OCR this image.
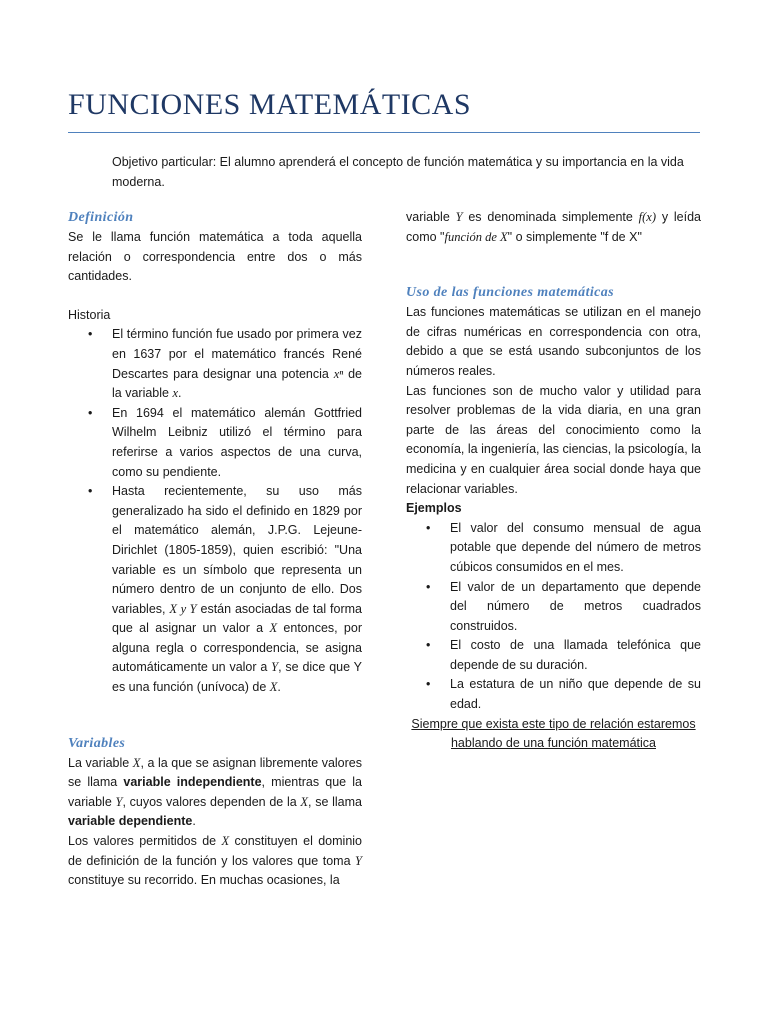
FUNCIONES MATEMÁTICAS

Objetivo particular: El alumno aprenderá el concepto de función matemática y su importancia en la vida moderna.

Definición

Se le llama función matemática a toda aquella relación o correspondencia entre dos o más cantidades.

Historia

• El término función fue usado por primera vez en 1637 por el matemático francés René Descartes para designar una potencia xⁿ de la variable x.

• En 1694 el matemático alemán Gottfried Wilhelm Leibniz utilizó el término para referirse a varios aspectos de una curva, como su pendiente.

• Hasta recientemente, su uso más generalizado ha sido el definido en 1829 por el matemático alemán, J.P.G. Lejeune-Dirichlet (1805-1859), quien escribió: "Una variable es un símbolo que representa un número dentro de un conjunto de ello. Dos variables, X y Y están asociadas de tal forma que al asignar un valor a X entonces, por alguna regla o correspondencia, se asigna automáticamente un valor a Y, se dice que Y es una función (unívoca) de X.

Variables

La variable X, a la que se asignan libremente valores se llama variable independiente, mientras que la variable Y, cuyos valores dependen de la X, se llama variable dependiente.

Los valores permitidos de X constituyen el dominio de definición de la función y los valores que toma Y constituye su recorrido. En muchas ocasiones, la

variable Y es denominada simplemente f(x) y leída como "función de X" o simplemente "f de X"

Uso de las funciones matemáticas

Las funciones matemáticas se utilizan en el manejo de cifras numéricas en correspondencia con otra, debido a que se está usando subconjuntos de los números reales.

Las funciones son de mucho valor y utilidad para resolver problemas de la vida diaria, en una gran parte de las áreas del conocimiento como la economía, la ingeniería, las ciencias, la psicología, la medicina y en cualquier área social donde haya que relacionar variables.

Ejemplos

• El valor del consumo mensual de agua potable que depende del número de metros cúbicos consumidos en el mes.

• El valor de un departamento que depende del número de metros cuadrados construidos.

• El costo de una llamada telefónica que depende de su duración.

• La estatura de un niño que depende de su edad.

Siempre que exista este tipo de relación estaremos hablando de una función matemática
